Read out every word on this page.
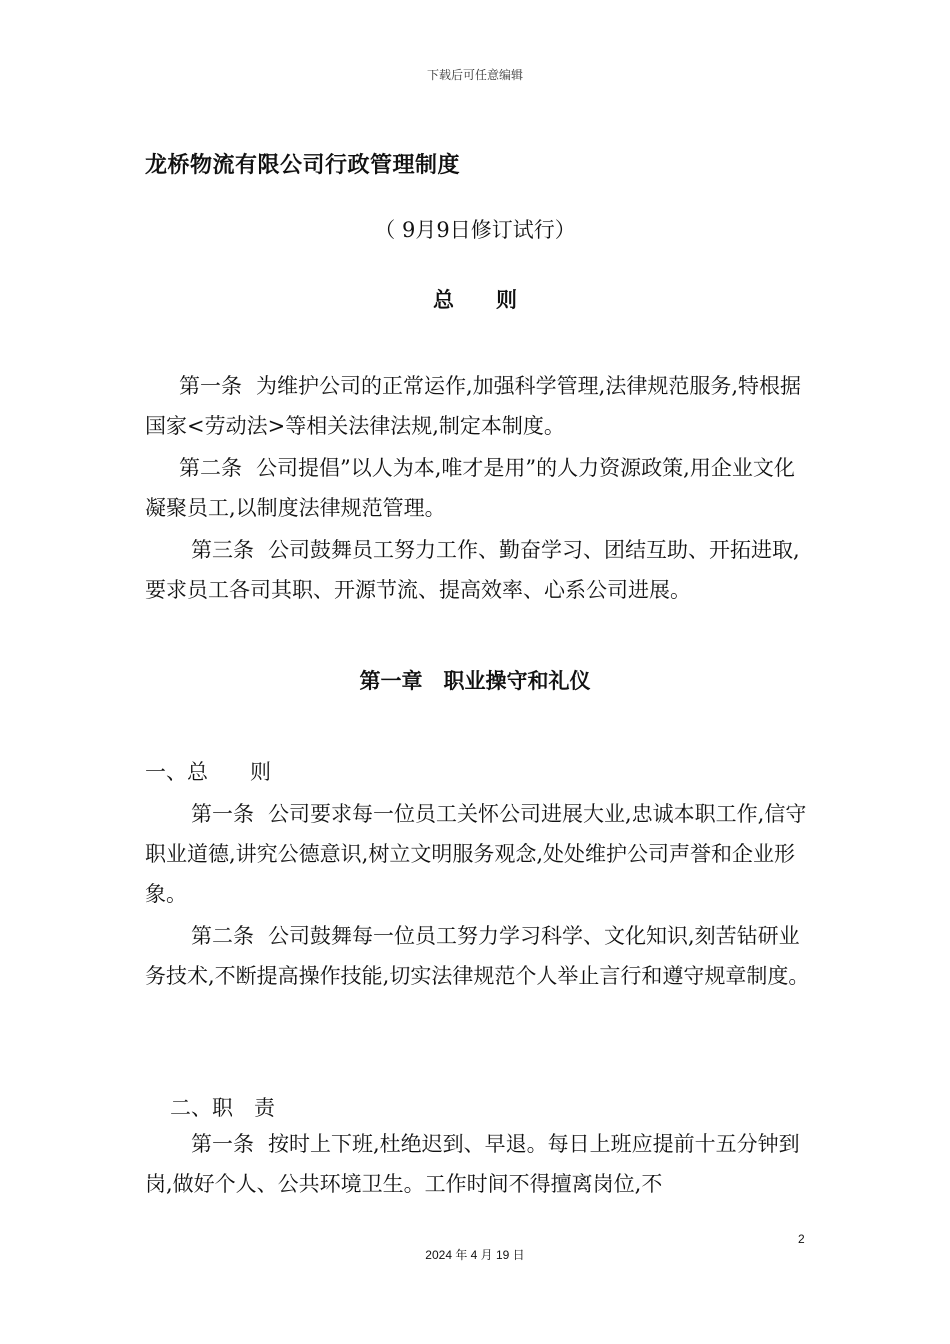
下载后可任意编辑
龙桥物流有限公司行政管理制度
（ 9月9日修订试行）
总　　则

第一条 为维护公司的正常运作,加强科学管理,法律规范服务,特根据国家<劳动法>等相关法律法规,制定本制度。

第二条 公司提倡”以人为本,唯才是用”的人力资源政策,用企业文化凝聚员工,以制度法律规范管理。

第三条 公司鼓舞员工努力工作、勤奋学习、团结互助、开拓进取,要求员工各司其职、开源节流、提高效率、心系公司进展。

第一章　职业操守和礼仪
一、总　　则

第一条 公司要求每一位员工关怀公司进展大业,忠诚本职工作,信守职业道德,讲究公德意识,树立文明服务观念,处处维护公司声誉和企业形象。

第二条 公司鼓舞每一位员工努力学习科学、文化知识,刻苦钻研业务技术,不断提高操作技能,切实法律规范个人举止言行和遵守规章制度。

二、职　责

第一条 按时上下班,杜绝迟到、早退。每日上班应提前十五分钟到岗,做好个人、公共环境卫生。工作时间不得擅离岗位,不

2
2024 年 4 月 19 日
